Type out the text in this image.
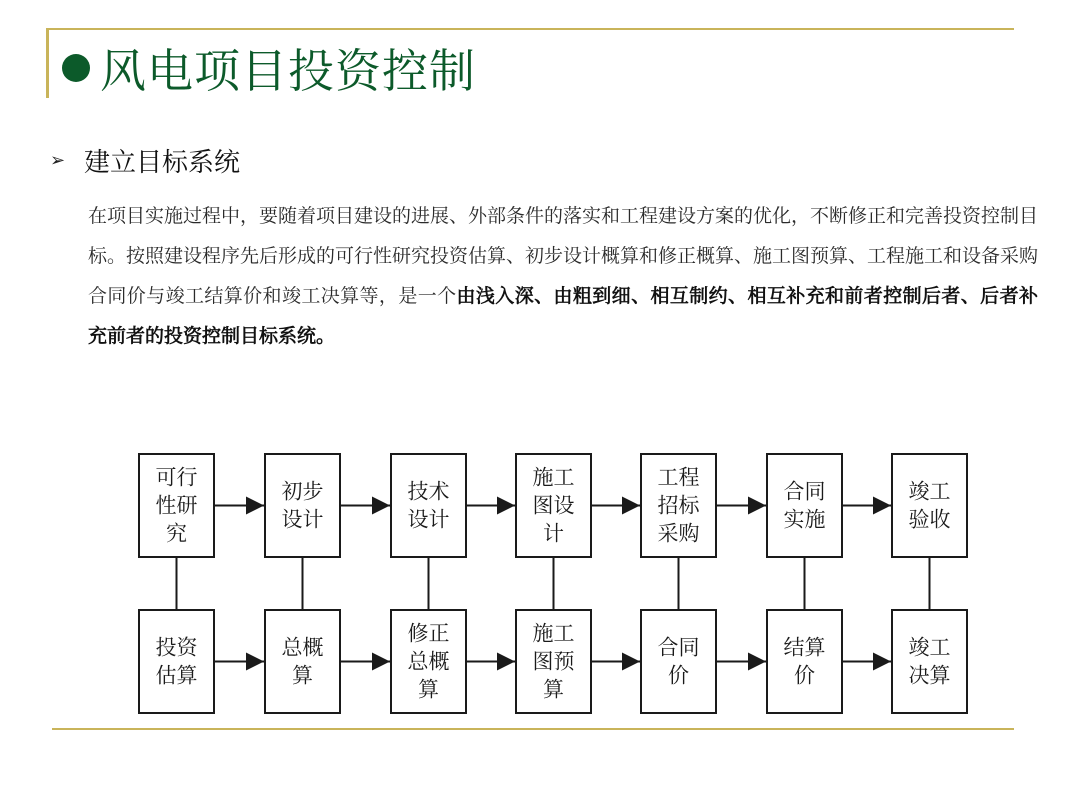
风电项目投资控制
➢ 建立目标系统
在项目实施过程中，要随着项目建设的进展、外部条件的落实和工程建设方案的优化，不断修正和完善投资控制目标。按照建设程序先后形成的可行性研究投资估算、初步设计概算和修正概算、施工图预算、工程施工和设备采购合同价与竣工结算价和竣工决算等，是一个由浅入深、由粗到细、相互制约、相互补充和前者控制后者、后者补充前者的投资控制目标系统。
可行
性研
究
初步
设计
技术
设计
施工
图设
计
工程
招标
采购
合同
实施
竣工
验收
投资
估算
总概
算
修正
总概
算
施工
图预
算
合同
价
结算
价
竣工
决算
